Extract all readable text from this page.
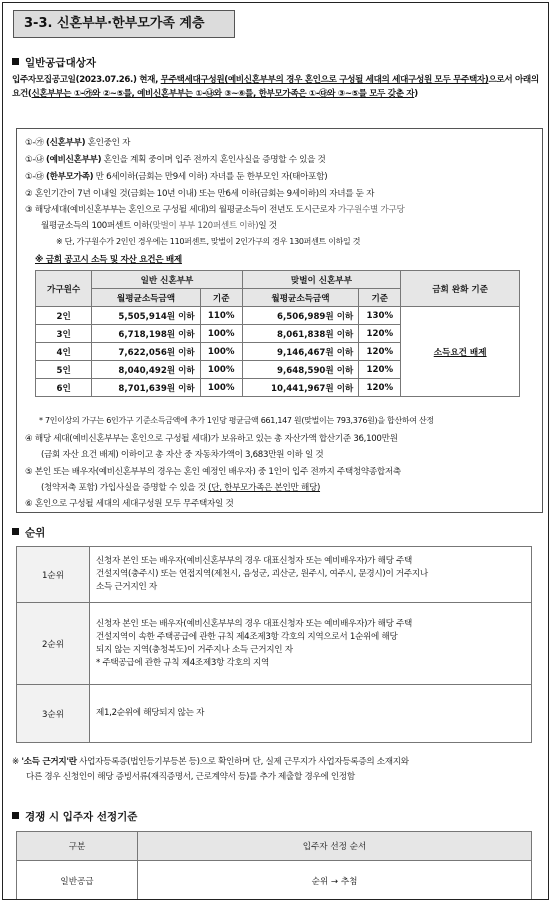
3-3. 신혼부부·한부모가족 계층
일반공급대상자
입주자모집공고일(2023.07.26.) 현재, 무주택세대구성원(예비신혼부부의 경우 혼인으로 구성될 세대의 세대구성원 모두 무주택자)으로서 아래의 요건(신혼부부는 ①-㉮와 ②~⑤를, 예비신혼부부는 ①-㉯와 ③~⑥를, 한부모가족은 ①-㉰와 ③~⑤를 모두 갖춘 자)
①-㉮ (신혼부부) 혼인중인 자
①-㉯ (예비신혼부부) 혼인을 계획 중이며 입주 전까지 혼인사실을 증명할 수 있을 것
①-㉰ (한부모가족) 만 6세이하(금회는 만9세 이하) 자녀를 둔 한부모인 자(태아포함)
② 혼인기간이 7년 이내일 것(금회는 10년 이내) 또는 만6세 이하(금회는 9세이하)의 자녀를 둔 자
③ 해당세대(예비신혼부부는 혼인으로 구성될 세대)의 월평균소득이 전년도 도시근로자 가구원수별 가구당
월평균소득의 100퍼센트 이하(맞벌이 부부 120퍼센트 이하)일 것
※ 단, 가구원수가 2인인 경우에는 110퍼센트, 맞벌이 2인가구의 경우 130퍼센트 이하일 것
※ 금회 공고시 소득 및 자산 요건은 배제
가구원수	일반 신혼부부		맞벌이 신혼부부		금회 완화 기준
	월평균소득금액	기준	월평균소득금액	기준	
2인	5,505,914원 이하	110%	6,506,989원 이하	130%	소득요건 배제
3인	6,718,198원 이하	100%	8,061,838원 이하	120%	
4인	7,622,056원 이하	100%	9,146,467원 이하	120%	
5인	8,040,492원 이하	100%	9,648,590원 이하	120%	
6인	8,701,639원 이하	100%	10,441,967원 이하	120%	
* 7인이상의 가구는 6인가구 기준소득금액에 추가 1인당 평균금액 661,147 원(맞벌이는 793,376원)을 합산하여 산정
④ 해당 세대(예비신혼부부는 혼인으로 구성될 세대)가 보유하고 있는 총 자산가액 합산기준 36,100만원
(금회 자산 요건 배제) 이하이고 총 자산 중 자동차가액이 3,683만원 이하 일 것
⑤ 본인 또는 배우자(예비신혼부부의 경우는 혼인 예정인 배우자) 중 1인이 입주 전까지 주택청약종합저축
(청약저축 포함) 가입사실을 증명할 수 있을 것 (단, 한부모가족은 본인만 해당)
⑥ 혼인으로 구성될 세대의 세대구성원 모두 무주택자일 것
순위
1순위	신청자 본인 또는 배우자(예비신혼부부의 경우 대표신청자 또는 예비배우자)가 해당 주택
건설지역(충주시) 또는 연접지역(제천시, 음성군, 괴산군, 원주시, 여주시, 문경시)이 거주지나
소득 근거지인 자

2순위	신청자 본인 또는 배우자(예비신혼부부의 경우 대표신청자 또는 예비배우자)가 해당 주택
건설지역이 속한 주택공급에 관한 규칙 제4조제3항 각호의 지역으로서 1순위에 해당
되지 않는 지역(충청북도)이 거주지나 소득 근거지인 자
* 주택공급에 관한 규칙 제4조제3항 각호의 지역

3순위	제1,2순위에 해당되지 않는 자
※ '소득 근거지'란 사업자등록증(법인등기부등본 등)으로 확인하며 단, 실제 근무지가 사업자등록증의 소재지와
다른 경우 신청인이 해당 증빙서류(재직증명서, 근로계약서 등)를 추가 제출할 경우에 인정함
경쟁 시 입주자 선정기준
구분	입주자 선정 순서
일반공급	순위 → 추첨
